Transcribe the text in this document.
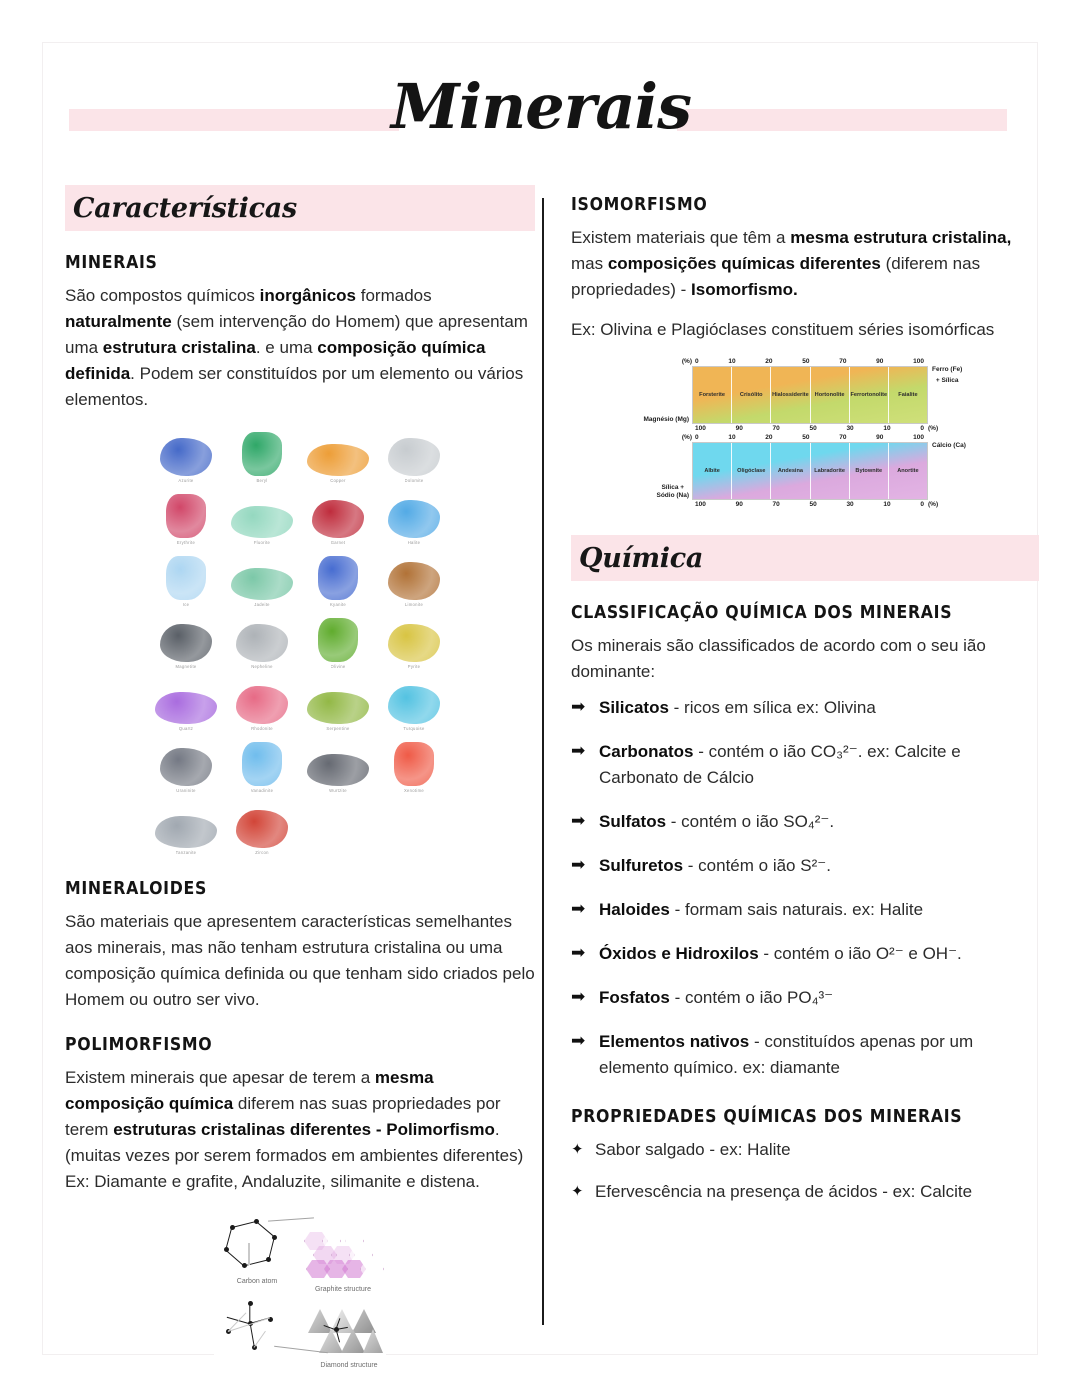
Minerais
Características
MINERAIS

São compostos químicos inorgânicos formados naturalmente (sem intervenção do Homem) que apresentam uma estrutura cristalina. e uma composição química definida. Podem ser constituídos por um elemento ou vários elementos.

Azurite	Beryl	Copper	Dolomite
Erythrite	Fluorite	Garnet	Halite
Ice	Jadeite	Kyanite	Limonite
Magnetite	Nepheline	Olivine	Pyrite
Quartz	Rhodonite	Serpentine	Turquoise
Uraninite	Vanadinite	Wurtzite	Xenotime
Tanzanite	Zircon
MINERALOIDES

São materiais que apresentem características semelhantes aos minerais, mas não tenham estrutura cristalina ou uma composição química definida ou que tenham sido criados pelo Homem ou outro ser vivo.

POLIMORFISMO

Existem minerais que apesar de terem a mesma composição química diferem nas suas propriedades por terem estruturas cristalinas diferentes - Polimorfismo.

(muitas vezes por serem formados em ambientes diferentes)

Ex: Diamante e grafite, Andaluzite, silimanite e distena.

Carbon atom
Graphite structure
Diamond structure
ISOMORFISMO

Existem materiais que têm a mesma estrutura cristalina, mas composições químicas diferentes (diferem nas propriedades) - Isomorfismo.

Ex: Olivina e Plagióclases constituem séries isomórficas

(%) 0	10	20	50	70	90	100
Magnésio (Mg)
Forsterite	Crisólito Hialossiderite Hortonolite Ferrortonolite Faialite
Ferro (Fe)
+ Sílica
100	90	70	50	30	10	0 (%)
(%) 0	10	20	50	70	90	100
Sílica +
Sódio (Na)
Albite	Oligóclase Andesina Labradorite Bytownite	Anortite
Cálcio (Ca)
100	90	70	50	30	10	0 (%)
Química
CLASSIFICAÇÃO QUÍMICA DOS MINERAIS

Os minerais são classificados de acordo com o seu ião dominante:

➡ Silicatos - ricos em sílica ex: Olivina
➡ Carbonatos - contém o ião CO₃²⁻. ex: Calcite e Carbonato de Cálcio
➡ Sulfatos - contém o ião SO₄²⁻.
➡ Sulfuretos - contém o ião S²⁻.
➡ Haloides - formam sais naturais. ex: Halite
➡ Óxidos e Hidroxilos - contém o ião O²⁻ e OH⁻.
➡ Fosfatos - contém o ião PO₄³⁻
➡ Elementos nativos - constituídos apenas por um elemento químico. ex: diamante
PROPRIEDADES QUÍMICAS DOS MINERAIS
✦ Sabor salgado - ex: Halite
✦ Efervescência na presença de ácidos - ex: Calcite
